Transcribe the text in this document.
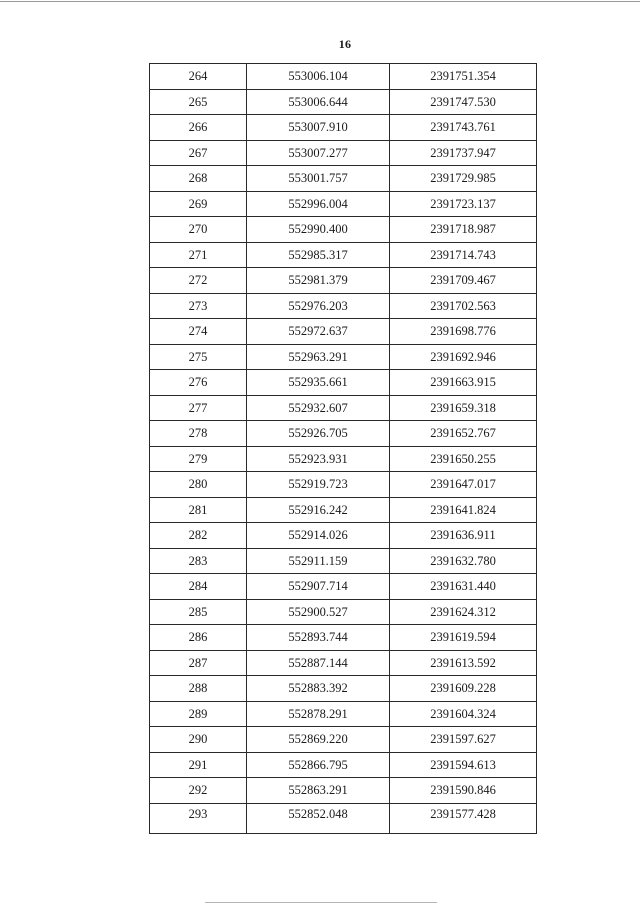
16
264	553006.104	2391751.354
265	553006.644	2391747.530
266	553007.910	2391743.761
267	553007.277	2391737.947
268	553001.757	2391729.985
269	552996.004	2391723.137
270	552990.400	2391718.987
271	552985.317	2391714.743
272	552981.379	2391709.467
273	552976.203	2391702.563
274	552972.637	2391698.776
275	552963.291	2391692.946
276	552935.661	2391663.915
277	552932.607	2391659.318
278	552926.705	2391652.767
279	552923.931	2391650.255
280	552919.723	2391647.017
281	552916.242	2391641.824
282	552914.026	2391636.911
283	552911.159	2391632.780
284	552907.714	2391631.440
285	552900.527	2391624.312
286	552893.744	2391619.594
287	552887.144	2391613.592
288	552883.392	2391609.228
289	552878.291	2391604.324
290	552869.220	2391597.627
291	552866.795	2391594.613
292	552863.291	2391590.846
293	552852.048	2391577.428
